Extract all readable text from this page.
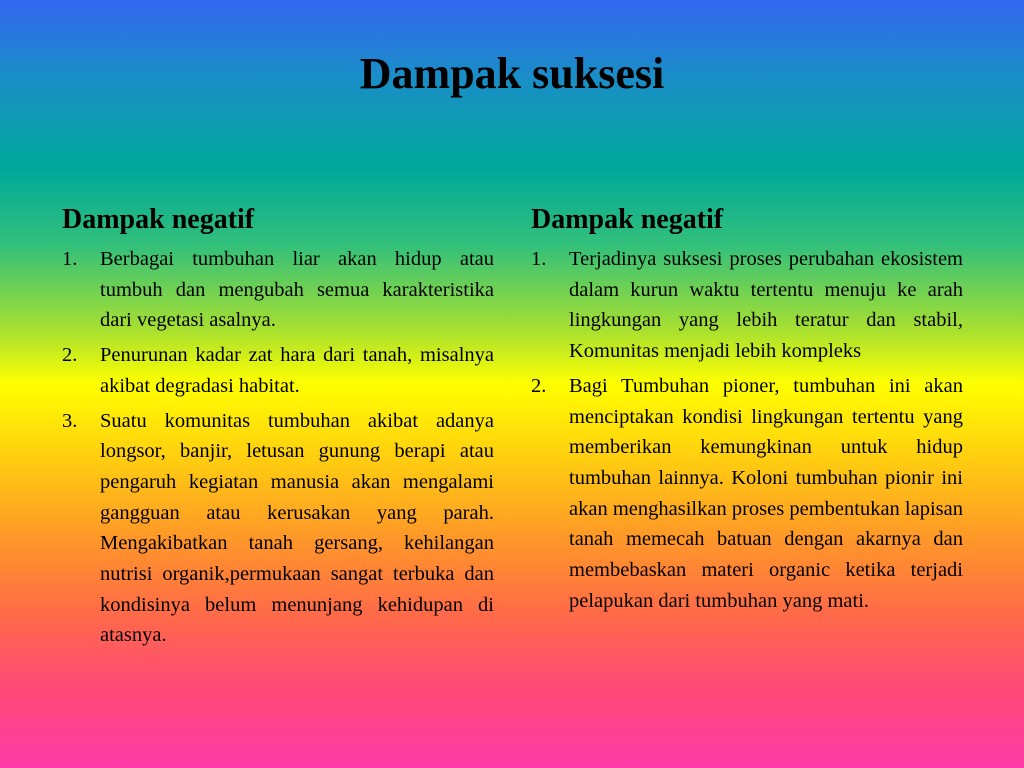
Dampak suksesi
Dampak negatif
1.	Berbagai tumbuhan liar akan hidup atau tumbuh dan mengubah semua karakteristika dari vegetasi asalnya.
2.	Penurunan kadar zat hara dari tanah, misalnya akibat degradasi habitat.
3.	Suatu komunitas tumbuhan akibat adanya longsor, banjir, letusan gunung berapi atau pengaruh kegiatan manusia akan mengalami gangguan atau kerusakan yang parah. Mengakibatkan tanah gersang, kehilangan nutrisi organik,permukaan sangat terbuka dan kondisinya belum menunjang kehidupan di atasnya.
Dampak negatif
1.	Terjadinya suksesi proses perubahan ekosistem dalam kurun waktu tertentu menuju ke arah lingkungan yang lebih teratur dan stabil, Komunitas menjadi lebih kompleks
2.	Bagi Tumbuhan pioner, tumbuhan ini akan menciptakan kondisi lingkungan tertentu yang memberikan kemungkinan untuk hidup tumbuhan lainnya. Koloni tumbuhan pionir ini akan menghasilkan proses pembentukan lapisan tanah memecah batuan dengan akarnya dan membebaskan materi organic ketika terjadi pelapukan dari tumbuhan yang mati.
